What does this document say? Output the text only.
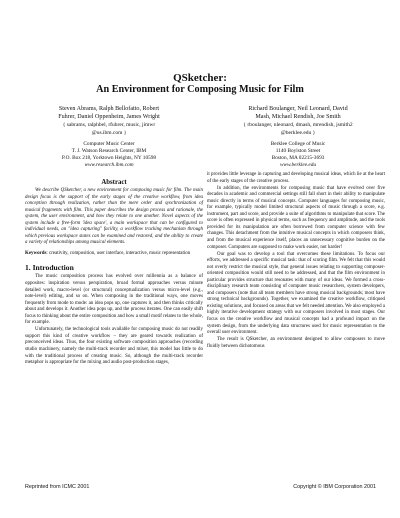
QSketcher:
An Environment for Composing Music for Film
Steven Abrams, Ralph Bellofatto, Robert
Fuhrer, Daniel Oppenheim, James Wright
{ sabrams, ralphbel, rfuhrer, music, jimwr
@us.ibm.com }
Computer Music Center
T. J. Watson Research Center, IBM
P.O. Box 218, Yorktown Heights, NY 10598
www.research.ibm.com
Richard Boulanger, Neil Leonard, David
Mash, Michael Rendish, Joe Smith
{ rboulanger, nleonard, dmash, mrendish, jsmith2
@berklee.edu }
Berklee College of Music
1140 Boylston Street
Boston, MA 02215-3693
www.berklee.edu
Abstract

We describe QSketcher, a new environment for composing music for film. The main design focus is the support of the early stages of the creative workflow, from idea conception through realization, rather than the mere order and synchronization of musical fragments with film. This paper describes the design process and rationale, the system, the user environment, and how they relate to one another. Novel aspects of the system include a free-form 'idea space', a main workspace that can be configured to individual needs, an "idea capturing" facility, a workflow tracking mechanism through which previous workspace states can be examined and restored, and the ability to create a variety of relationships among musical elements.

Keywords: creativity, composition, user interface, interactive, music representation

1. Introduction

The music composition process has evolved over millennia as a balance of opposites: inspiration versus perspiration, broad formal approaches versus minute detailed work, macro-level (or structural) conceptualization versus micro-level (e.g., note-level) editing, and so on. When composing in the traditional ways, one moves frequently from mode to mode: an idea pops up, one captures it, and then thinks critically about and develops it. Another idea pops up, and the process iterates. One can easily shift focus to thinking about the entire composition and how a small motif relates to the whole, for example.

Unfortunately, the technological tools available for composing music do not readily support this kind of creative workflow – they are geared towards realization of preconceived ideas. Thus, the four existing software composition approaches (recording studio machinery, namely the multi-track recorder and mixer, this model has little to do with the traditional process of creating music. So, although the multi-track recorder metaphor is appropriate for the mixing and audio post-production stages,

it provides little leverage in capturing and developing musical ideas, which lie at the heart of the early stages of the creative process.

In addition, the environments for composing music that have evolved over five decades in academic and commercial settings still fall short in their ability to manipulate music directly in terms of musical concepts. Computer languages for composing music, for example, typically model limited structural aspects of music through a score, e.g. instrument, part and score, and provide a suite of algorithms to manipulate that score. The score is often expressed in physical terms, such as frequency and amplitude, and the tools provided for its manipulation are often borrowed from computer science with few changes. This detachment from the intuitive musical concepts in which composers think, and from the musical experience itself, places an unnecessary cognitive burden on the composer. Computers are supposed to make work easier, not harder!

Our goal was to develop a tool that overcomes these limitations. To focus our efforts, we addressed a specific musical task: that of scoring film. We felt that this would not overly restrict the musical style, that general issues relating to supporting composer-oriented composition would still need to be addressed, and that the film environment in particular provides structure that resonates with many of our ideas. We formed a cross-disciplinary research team consisting of computer music researchers, system developers, and composers (note that all team members have strong musical backgrounds; most have strong technical backgrounds). Together, we examined the creative workflow, critiqued existing solutions, and focused on areas that we felt needed attention. We also employed a highly iterative development strategy with our composers involved in most stages. Our focus on the creative workflow and musical concepts had a profound impact on the system design, from the underlying data structures used for music representation to the overall user environment.

The result is QSketcher, an environment designed to allow composers to move fluidly between dichotomous

Reprinted from ICMC 2001	Copyright © IBM Corporation 2001
